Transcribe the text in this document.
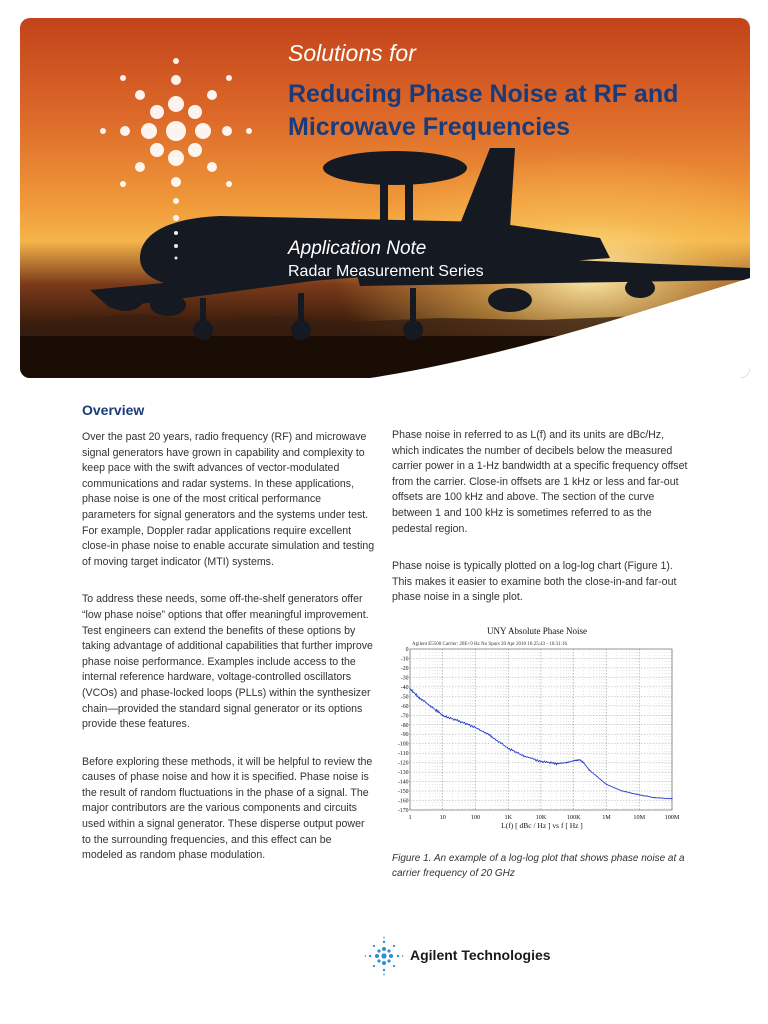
Solutions for
Reducing Phase Noise at RF and
Microwave Frequencies
Application Note
Radar Measurement Series
Overview

Over the past 20 years, radio frequency (RF) and microwave signal generators have grown in capability and complexity to keep pace with the swift advances of vector-modulated communications and radar systems. In these applications, phase noise is one of the most critical performance parameters for signal generators and the systems under test. For example, Doppler radar applications require excellent close-in phase noise to enable accurate simulation and testing of moving target indicator (MTI) systems.

To address these needs, some off-the-shelf generators offer “low phase noise” options that offer meaningful improvement. Test engineers can extend the benefits of these options by taking advantage of additional capabilities that further improve phase noise performance. Examples include access to the internal reference hardware, voltage-controlled oscillators (VCOs) and phase-locked loops (PLLs) within the synthesizer chain—provided the standard signal generator or its options provide these features.

Before exploring these methods, it will be helpful to review the causes of phase noise and how it is specified. Phase noise is the result of random fluctuations in the phase of a signal. The major contributors are the various components and circuits used within a signal generator. These disperse output power to the surrounding frequencies, and this effect can be modeled as random phase modulation.

Phase noise in referred to as L(f) and its units are dBc/Hz, which indicates the number of decibels below the measured carrier power in a 1-Hz bandwidth at a specific frequency offset from the carrier. Close-in offsets are 1 kHz or less and far-out offsets are 100 kHz and above. The section of the curve between 1 and 100 kHz is sometimes referred to as the pedestal region.

Phase noise is typically plotted on a log-log chart (Figure 1). This makes it easier to examine both the close-in-and far-out phase noise in a single plot.

UNY Absolute Phase Noise
Agilent E5500 Carrier: 20E+9 Hz No Spurs 20 Apr 2010 16:25:43 - 16:31:16
0
-10
-20
-30
-40
-50
-60
-70
-80
-90
-100
-110
-120
-130
-140
-150
-160
-170
1	10	100	1K	10K	100K	1M	10M	100M
L(f) [ dBc / Hz ] vs f [ Hz ]
Figure 1. An example of a log-log plot that shows phase noise at a carrier frequency of 20 GHz
Agilent Technologies
